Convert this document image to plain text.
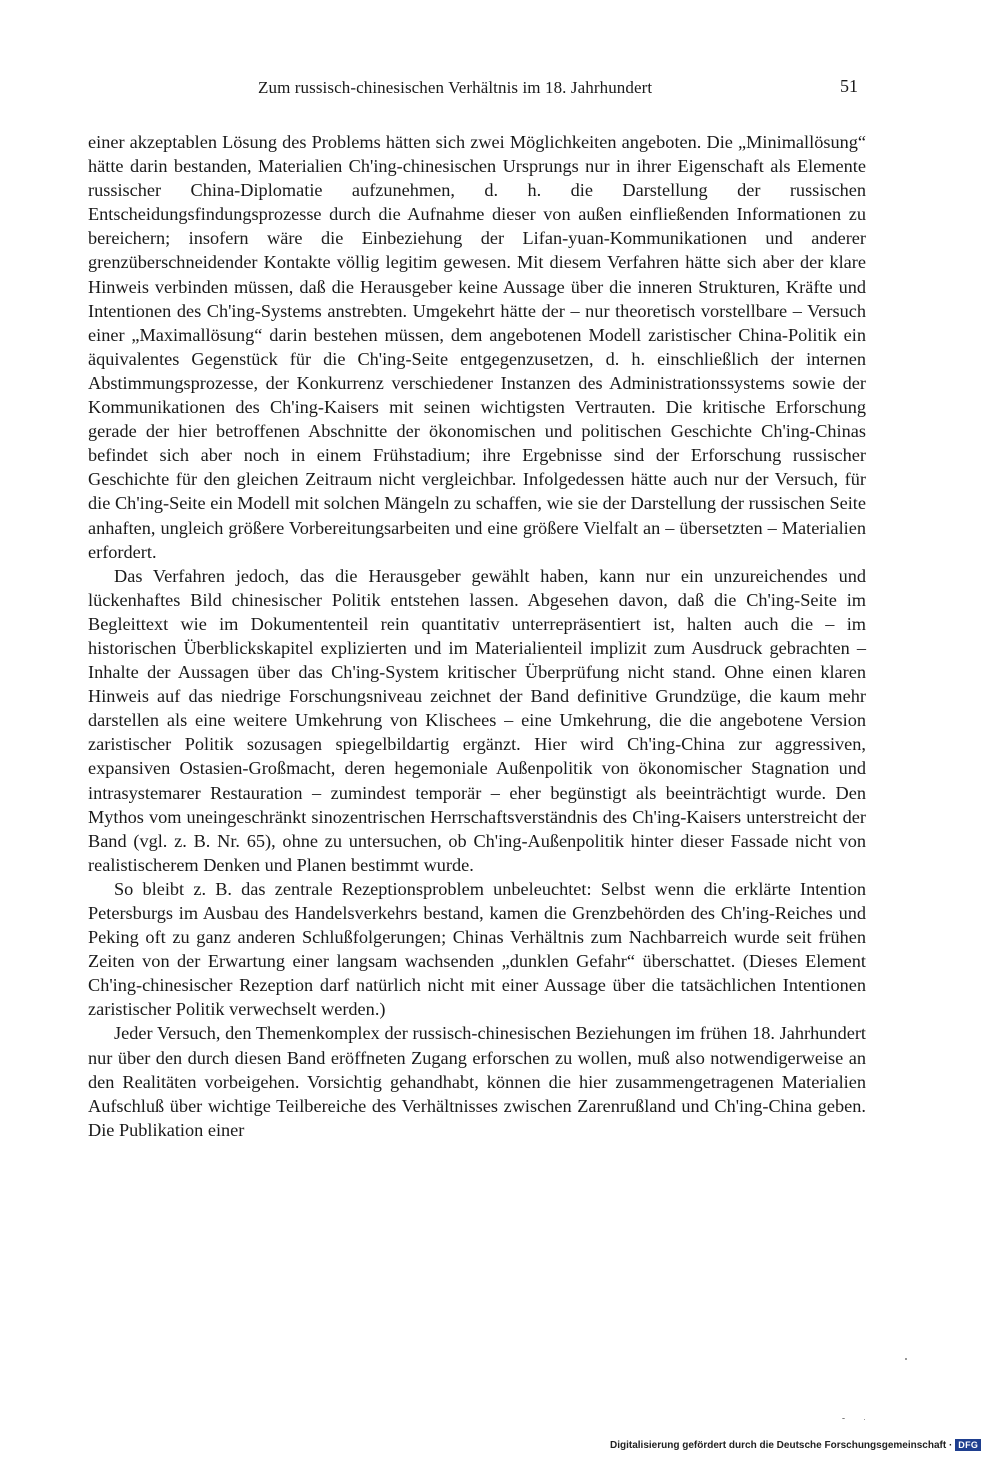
Zum russisch-chinesischen Verhältnis im 18. Jahrhundert	51

einer akzeptablen Lösung des Problems hätten sich zwei Möglichkeiten angeboten. Die „Minimallösung“ hätte darin bestanden, Materialien Ch'ing-chinesischen Ursprungs nur in ihrer Eigenschaft als Elemente russischer China-Diplomatie aufzunehmen, d. h. die Darstellung der russischen Entscheidungsfindungsprozesse durch die Aufnahme dieser von außen einfließenden Informationen zu bereichern; insofern wäre die Einbeziehung der Lifan-yuan-Kommunikationen und anderer grenzüberschneidender Kontakte völlig legitim gewesen. Mit diesem Verfahren hätte sich aber der klare Hinweis verbinden müssen, daß die Herausgeber keine Aussage über die inneren Strukturen, Kräfte und Intentionen des Ch'ing-Systems anstrebten. Umgekehrt hätte der – nur theoretisch vorstellbare – Versuch einer „Maximallösung“ darin bestehen müssen, dem angebotenen Modell zaristischer China-Politik ein äquivalentes Gegenstück für die Ch'ing-Seite entgegenzusetzen, d. h. einschließlich der internen Abstimmungsprozesse, der Konkurrenz verschiedener Instanzen des Administrationssystems sowie der Kommunikationen des Ch'ing-Kaisers mit seinen wichtigsten Vertrauten. Die kritische Erforschung gerade der hier betroffenen Abschnitte der ökonomischen und politischen Geschichte Ch'ing-Chinas befindet sich aber noch in einem Frühstadium; ihre Ergebnisse sind der Erforschung russischer Geschichte für den gleichen Zeitraum nicht vergleichbar. Infolgedessen hätte auch nur der Versuch, für die Ch'ing-Seite ein Modell mit solchen Mängeln zu schaffen, wie sie der Darstellung der russischen Seite anhaften, ungleich größere Vorbereitungsarbeiten und eine größere Vielfalt an – übersetzten – Materialien erfordert.

Das Verfahren jedoch, das die Herausgeber gewählt haben, kann nur ein unzureichendes und lückenhaftes Bild chinesischer Politik entstehen lassen. Abgesehen davon, daß die Ch'ing-Seite im Begleittext wie im Dokumententeil rein quantitativ unterrepräsentiert ist, halten auch die – im historischen Überblickskapitel explizierten und im Materialienteil implizit zum Ausdruck gebrachten – Inhalte der Aussagen über das Ch'ing-System kritischer Überprüfung nicht stand. Ohne einen klaren Hinweis auf das niedrige Forschungsniveau zeichnet der Band definitive Grundzüge, die kaum mehr darstellen als eine weitere Umkehrung von Klischees – eine Umkehrung, die die angebotene Version zaristischer Politik sozusagen spiegelbildartig ergänzt. Hier wird Ch'ing-China zur aggressiven, expansiven Ostasien-Großmacht, deren hegemoniale Außenpolitik von ökonomischer Stagnation und intrasystemarer Restauration – zumindest temporär – eher begünstigt als beeinträchtigt wurde. Den Mythos vom uneingeschränkt sinozentrischen Herrschaftsverständnis des Ch'ing-Kaisers unterstreicht der Band (vgl. z. B. Nr. 65), ohne zu untersuchen, ob Ch'ing-Außenpolitik hinter dieser Fassade nicht von realistischerem Denken und Planen bestimmt wurde.

So bleibt z. B. das zentrale Rezeptionsproblem unbeleuchtet: Selbst wenn die erklärte Intention Petersburgs im Ausbau des Handelsverkehrs bestand, kamen die Grenzbehörden des Ch'ing-Reiches und Peking oft zu ganz anderen Schlußfolgerungen; Chinas Verhältnis zum Nachbarreich wurde seit frühen Zeiten von der Erwartung einer langsam wachsenden „dunklen Gefahr“ überschattet. (Dieses Element Ch'ing-chinesischer Rezeption darf natürlich nicht mit einer Aussage über die tatsächlichen Intentionen zaristischer Politik verwechselt werden.)

Jeder Versuch, den Themenkomplex der russisch-chinesischen Beziehungen im frühen 18. Jahrhundert nur über den durch diesen Band eröffneten Zugang erforschen zu wollen, muß also notwendigerweise an den Realitäten vorbeigehen. Vorsichtig gehandhabt, können die hier zusammengetragenen Materialien Aufschluß über wichtige Teilbereiche des Verhältnisses zwischen Zarenrußland und Ch'ing-China geben. Die Publikation einer

Digitalisierung gefördert durch die Deutsche Forschungsgemeinschaft · DFG
